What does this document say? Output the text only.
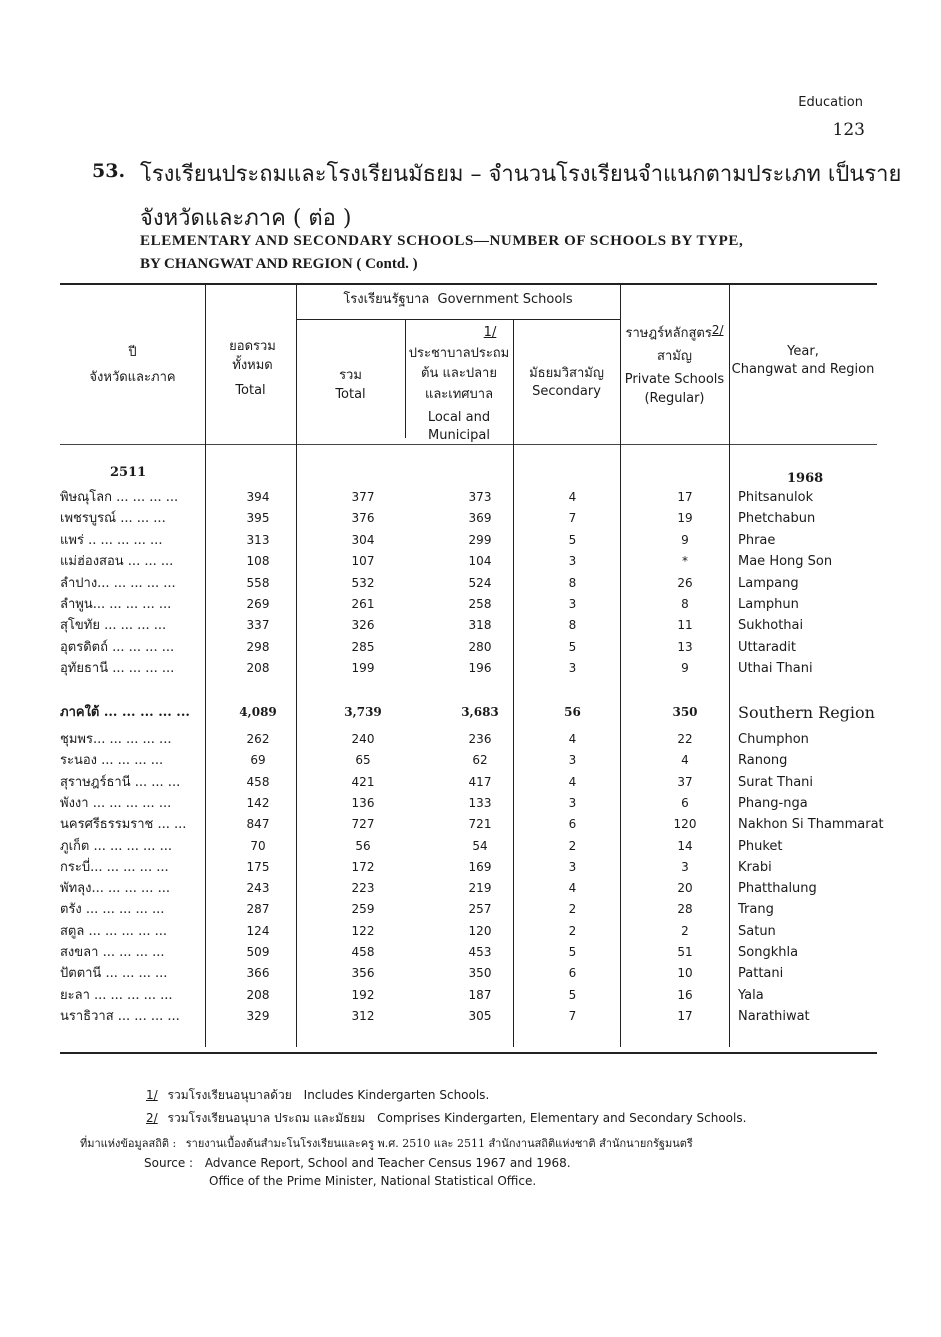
Education
123
53. โรงเรียนประถมและโรงเรียนมัธยม – จำนวนโรงเรียนจำแนกตามประเภท เป็นราย
จังหวัดและภาค ( ต่อ )
ELEMENTARY AND SECONDARY SCHOOLS—NUMBER OF SCHOOLS BY TYPE,
BY CHANGWAT AND REGION ( Contd. )
ปี
จังหวัดและภาค
ยอดรวมทั้งหมด
Total
โรงเรียนรัฐบาล Government Schools
รวม
Total
1/
ประชาบาลประถม
ต้น และปลาย
และเทศบาล
Local and
Municipal
มัธยมวิสามัญ
Secondary
ราษฎร์หลักสูตร2/
สามัญ
Private Schools
(Regular)
Year,
Changwat and Region
2511	1968
พิษณุโลก ... ... ... ...	394	377	373	4	17	Phitsanulok
เพชรบูรณ์ ... ... ...	395	376	369	7	19	Phetchabun
แพร่ .. ... ... ... ...	313	304	299	5	9	Phrae
แม่ฮ่องสอน ... ... ...	108	107	104	3	*	Mae Hong Son
ลำปาง... ... ... ... ...	558	532	524	8	26	Lampang
ลำพูน... ... ... ... ...	269	261	258	3	8	Lamphun
สุโขทัย ... ... ... ...	337	326	318	8	11	Sukhothai
อุตรดิตถ์ ... ... ... ...	298	285	280	5	13	Uttaradit
อุทัยธานี ... ... ... ...	208	199	196	3	9	Uthai Thani
ภาคใต้ ... ... ... ... ...	4,089	3,739	3,683	56	350	Southern Region
ชุมพร... ... ... ... ...	262	240	236	4	22	Chumphon
ระนอง ... ... ... ...	69	65	62	3	4	Ranong
สุราษฎร์ธานี ... ... ...	458	421	417	4	37	Surat Thani
พังงา ... ... ... ... ...	142	136	133	3	6	Phang-nga
นครศรีธรรมราช ... ...	847	727	721	6	120	Nakhon Si Thammarat
ภูเก็ต ... ... ... ... ...	70	56	54	2	14	Phuket
กระบี่... ... ... ... ...	175	172	169	3	3	Krabi
พัทลุง... ... ... ... ...	243	223	219	4	20	Phatthalung
ตรัง ... ... ... ... ...	287	259	257	2	28	Trang
สตูล ... ... ... ... ...	124	122	120	2	2	Satun
สงขลา ... ... ... ...	509	458	453	5	51	Songkhla
ปัตตานี ... ... ... ...	366	356	350	6	10	Pattani
ยะลา ... ... ... ... ...	208	192	187	5	16	Yala
นราธิวาส ... ... ... ...	329	312	305	7	17	Narathiwat
1/ รวมโรงเรียนอนุบาลด้วย Includes Kindergarten Schools.
2/ รวมโรงเรียนอนุบาล ประถม และมัธยม Comprises Kindergarten, Elementary and Secondary Schools.
ที่มาแห่งข้อมูลสถิติ : รายงานเบื้องต้นสำมะโนโรงเรียนและครู พ.ศ. 2510 และ 2511 สำนักงานสถิติแห่งชาติ สำนักนายกรัฐมนตรี
Source : Advance Report, School and Teacher Census 1967 and 1968.
Office of the Prime Minister, National Statistical Office.
